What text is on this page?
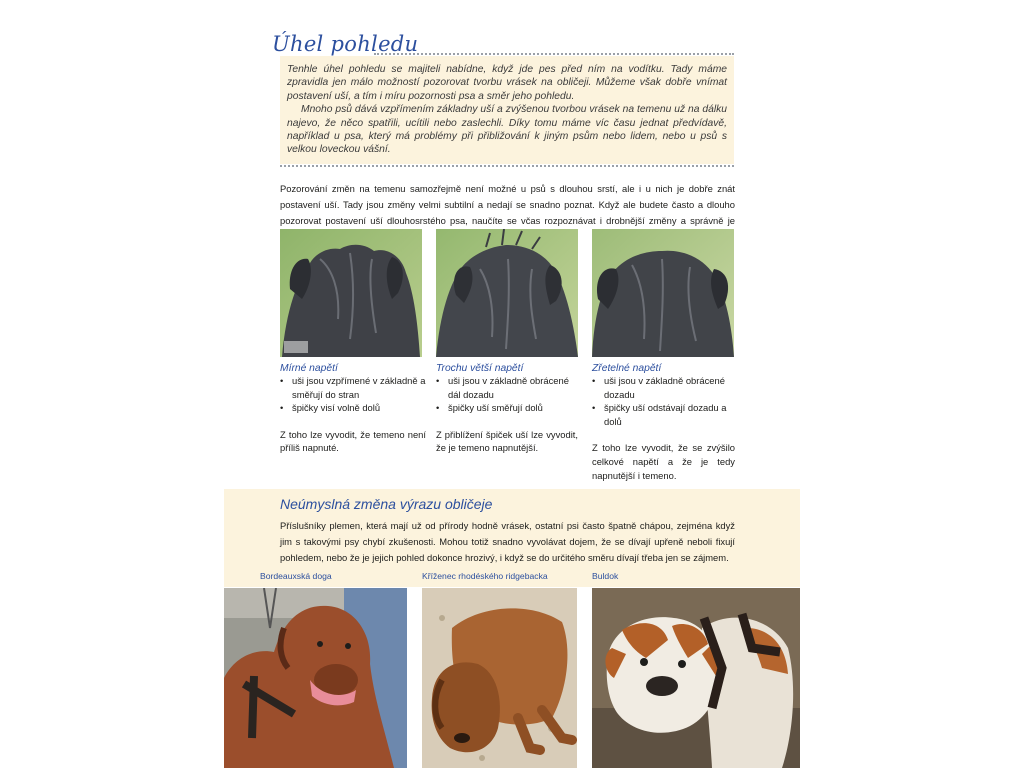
Úhel pohledu

Tenhle úhel pohledu se majiteli nabídne, když jde pes před ním na vodítku. Tady máme zpravidla jen málo možností pozorovat tvorbu vrásek na obličeji. Můžeme však dobře vnímat postavení uší, a tím i míru pozornosti psa a směr jeho pohledu.

Mnoho psů dává vzpřímením základny uší a zvýšenou tvorbou vrásek na temenu už na dálku najevo, že něco spatřili, ucítili nebo zaslechli. Díky tomu máme víc času jednat předvídavě, například u psa, který má problémy při přibližování k jiným psům nebo lidem, nebo u psů s velkou loveckou vášní.

Pozorování změn na temenu samozřejmě není možné u psů s dlouhou srstí, ale i u nich je dobře znát postavení uší. Tady jsou změny velmi subtilní a nedají se snadno poznat. Když ale budete často a dlouho pozorovat postavení uší dlouhosrstého psa, naučíte se včas rozpoznávat i drobnější změny a správně je

Mírné napětí
• uši jsou vzpřímené v základně a směřují do stran
• špičky visí volně dolů
Z toho lze vyvodit, že temeno není příliš napnuté.
Trochu větší napětí
• uši jsou v základně obrácené dál dozadu
• špičky uší směřují dolů
Z přiblížení špiček uší lze vyvodit, že je temeno napnutější.
Zřetelné napětí
• uši jsou v základně obrácené dozadu
• špičky uší odstávají dozadu a dolů
Z toho lze vyvodit, že se zvýšilo celkové napětí a že je tedy napnutější i temeno.
Neúmyslná změna výrazu obličeje

Příslušníky plemen, která mají už od přírody hodně vrásek, ostatní psi často špatně chápou, zejména když jim s takovými psy chybí zkušenosti. Mohou totiž snadno vyvolávat dojem, že se dívají upřeně neboli fixují pohledem, nebo že je jejich pohled dokonce hrozivý, i když se do určitého směru dívají třeba jen se zájmem.

Bordeauxská doga	Kříženec rhodéského ridgebacka	Buldok
